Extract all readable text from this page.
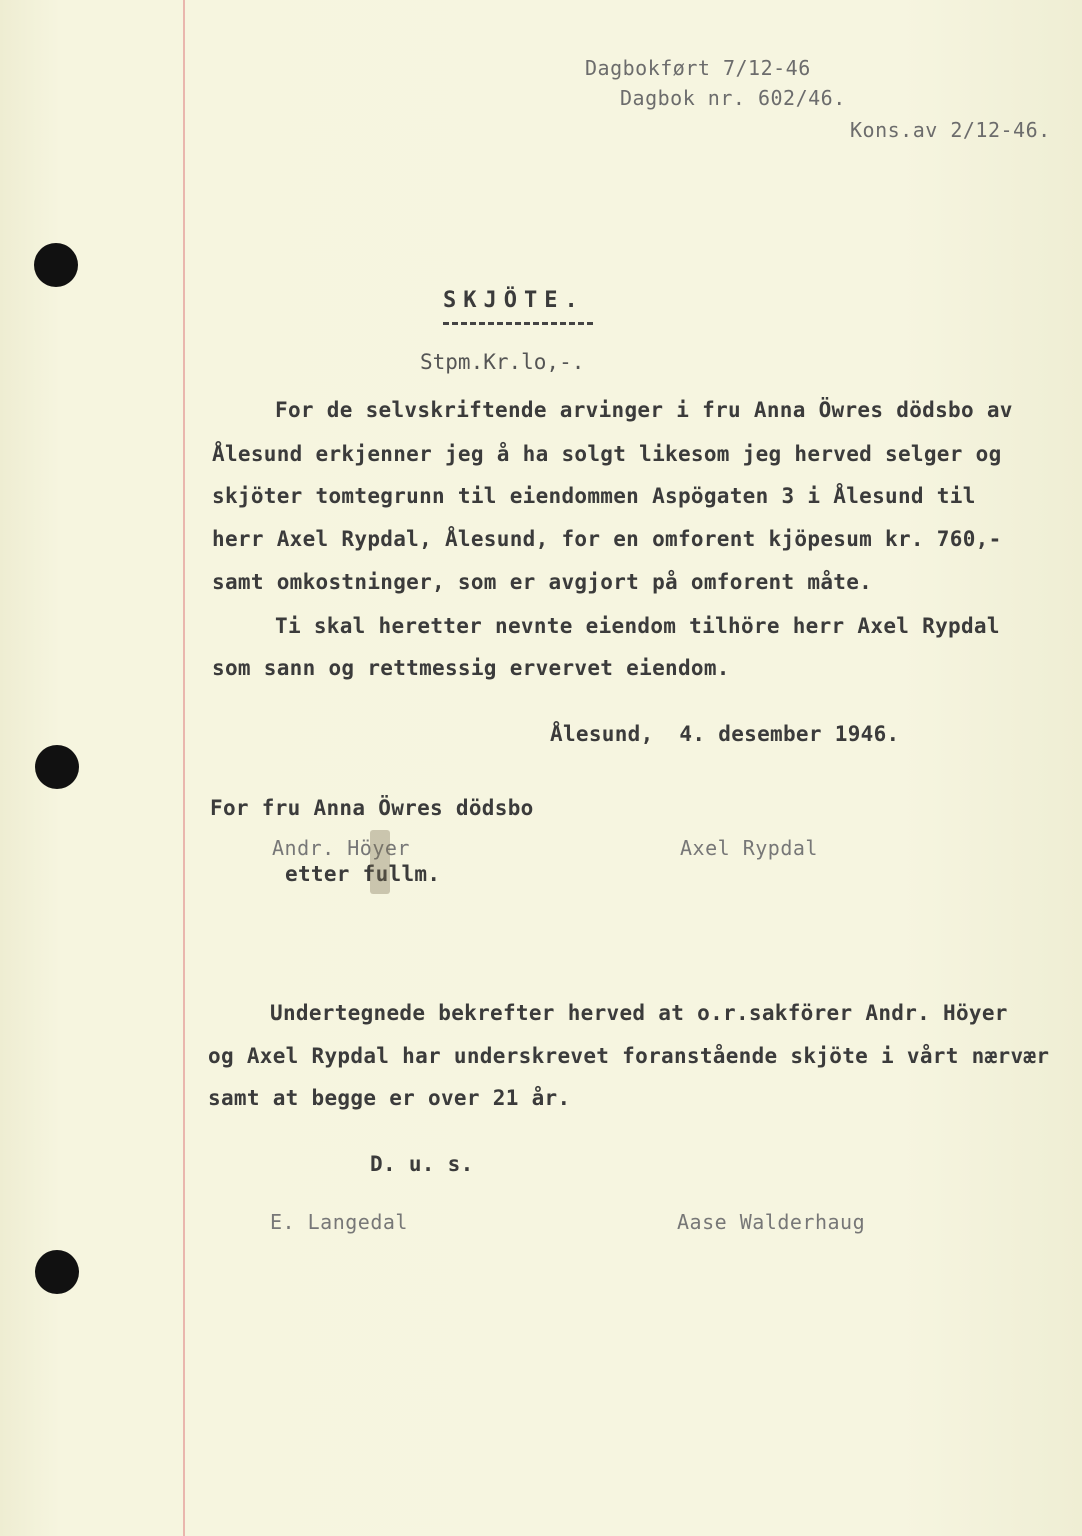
Dagbokført 7/12-46
Dagbok nr. 602/46.
Kons.av 2/12-46.
SKJÖTE.
Stpm.Kr.lo,-.
For de selvskriftende arvinger i fru Anna Öwres dödsbo av
Ålesund erkjenner jeg å ha solgt likesom jeg herved selger og
skjöter tomtegrunn til eiendommen Aspögaten 3 i Ålesund til
herr Axel Rypdal, Ålesund, for en omforent kjöpesum kr. 760,-
samt omkostninger, som er avgjort på omforent måte.
Ti skal heretter nevnte eiendom tilhöre herr Axel Rypdal
som sann og rettmessig ervervet eiendom.
Ålesund,  4. desember 1946.
For fru Anna Öwres dödsbo
Andr. Höyer
etter fullm.
Axel Rypdal
Undertegnede bekrefter herved at o.r.sakförer Andr. Höyer
og Axel Rypdal har underskrevet foranstående skjöte i vårt nærvær
samt at begge er over 21 år.
D. u. s.
E. Langedal	Aase Walderhaug
